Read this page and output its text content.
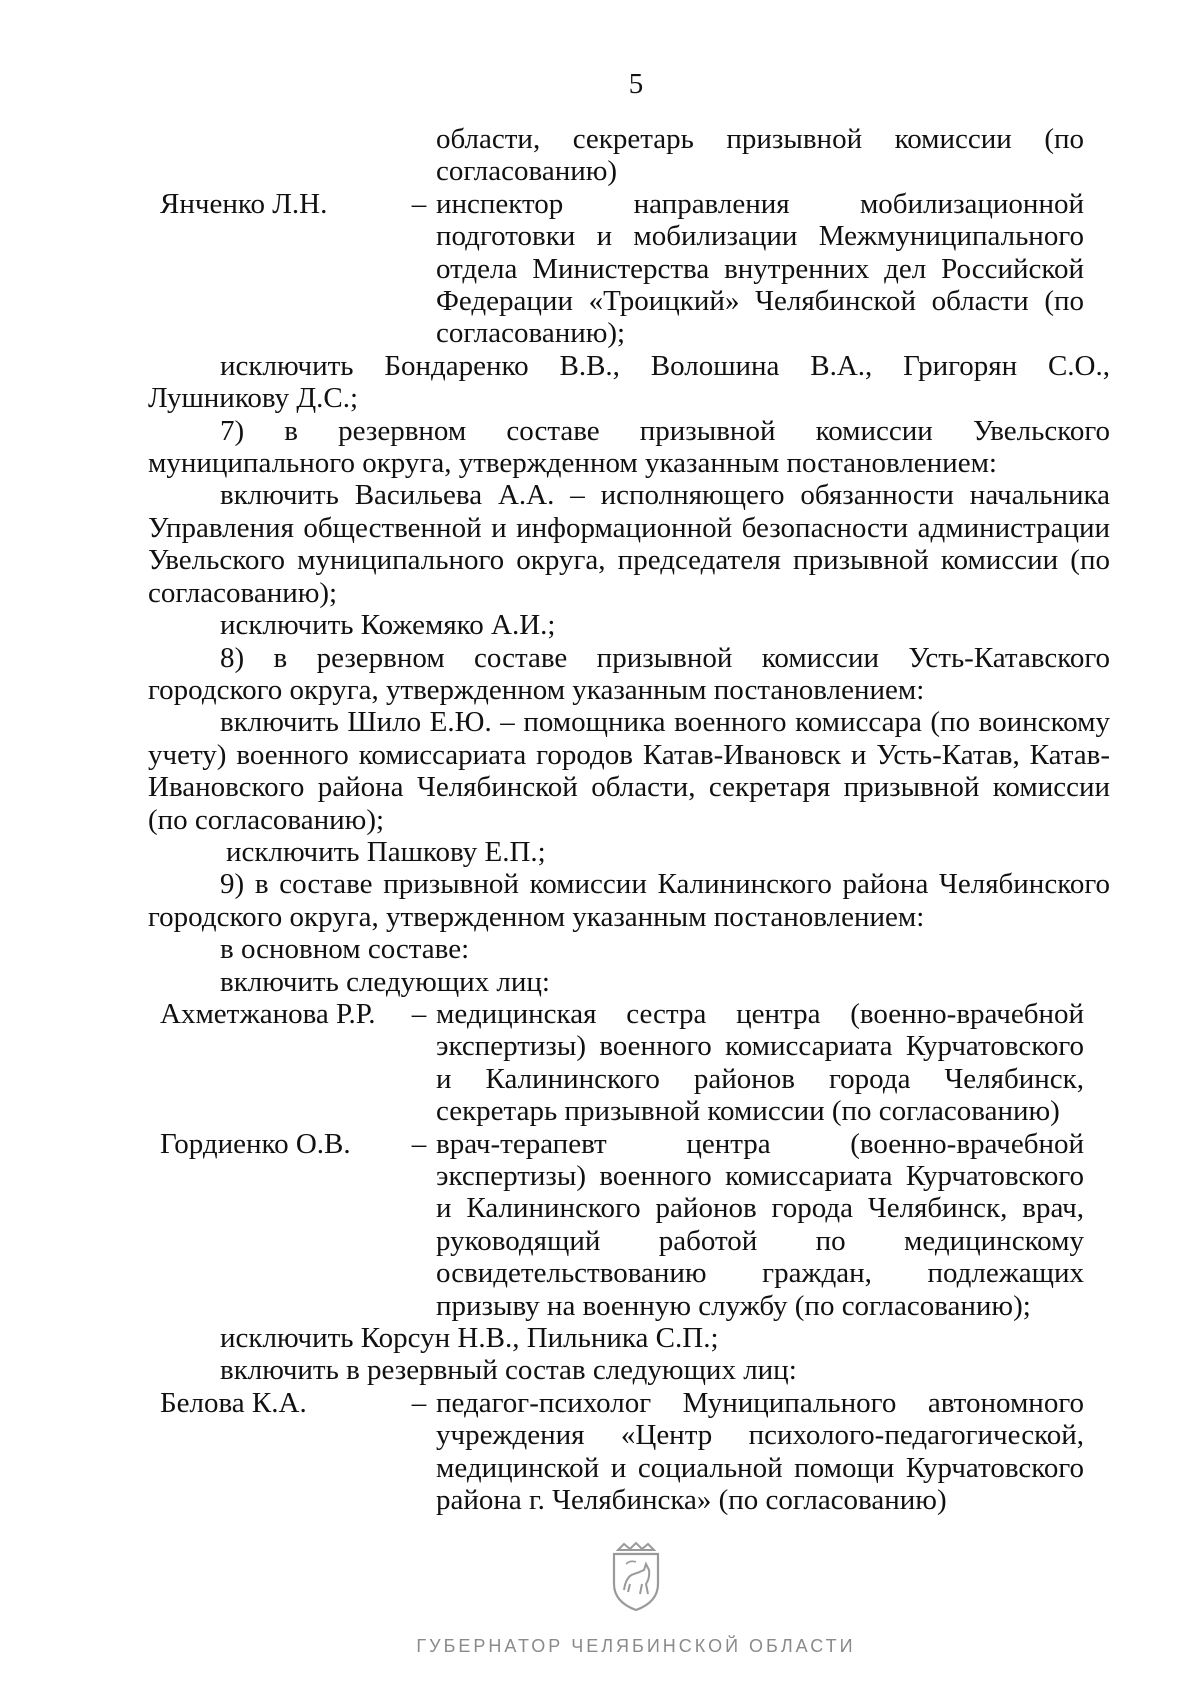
5
области, секретарь призывной комиссии (по согласованию)
Янченко Л.Н.	– инспектор направления мобилизационной подготовки и мобилизации Межмуниципального отдела Министерства внутренних дел Российской Федерации «Троицкий» Челябинской области (по согласованию);
исключить Бондаренко В.В., Волошина В.А., Григорян С.О., Лушникову Д.С.;
7) в резервном составе призывной комиссии Увельского муниципального округа, утвержденном указанным постановлением:
включить Васильева А.А. – исполняющего обязанности начальника Управления общественной и информационной безопасности администрации Увельского муниципального округа, председателя призывной комиссии (по согласованию);
исключить Кожемяко А.И.;
8) в резервном составе призывной комиссии Усть-Катавского городского округа, утвержденном указанным постановлением:
включить Шило Е.Ю. – помощника военного комиссара (по воинскому учету) военного комиссариата городов Катав-Ивановск и Усть-Катав, Катав-Ивановского района Челябинской области, секретаря призывной комиссии (по согласованию);
исключить Пашкову Е.П.;
9) в составе призывной комиссии Калининского района Челябинского городского округа, утвержденном указанным постановлением:
в основном составе:
включить следующих лиц:
Ахметжанова Р.Р.	– медицинская сестра центра (военно-врачебной экспертизы) военного комиссариата Курчатовского и Калининского районов города Челябинск, секретарь призывной комиссии (по согласованию)
Гордиенко О.В.	– врач-терапевт центра (военно-врачебной экспертизы) военного комиссариата Курчатовского и Калининского районов города Челябинск, врач, руководящий работой по медицинскому освидетельствованию граждан, подлежащих призыву на военную службу (по согласованию);
исключить Корсун Н.В., Пильника С.П.;
включить в резервный состав следующих лиц:
Белова К.А.	– педагог-психолог Муниципального автономного учреждения «Центр психолого-педагогической, медицинской и социальной помощи Курчатовского района г. Челябинска» (по согласованию)
ГУБЕРНАТОР ЧЕЛЯБИНСКОЙ ОБЛАСТИ
